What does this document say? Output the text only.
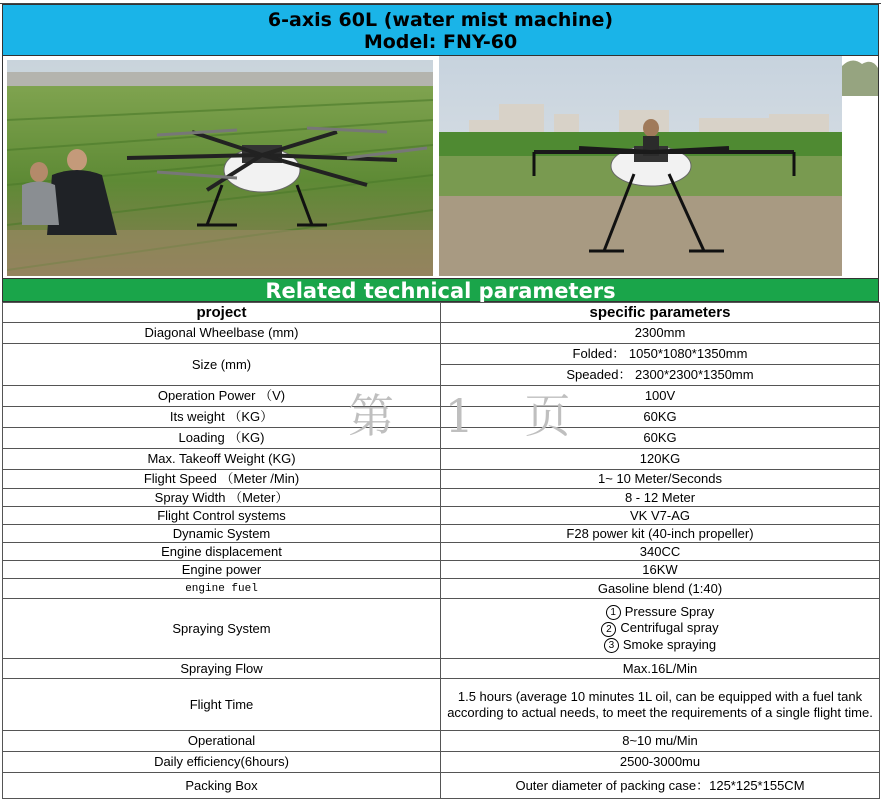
6-axis 60L (water mist machine)
Model: FNY-60
Related technical parameters
project	specific parameters
Diagonal Wheelbase (mm)	2300mm
Size (mm)	Folded： 1050*1080*1350mm
	Speaded： 2300*2300*1350mm
Operation Power （V)	100V
Its weight （KG）	60KG
Loading （KG)	60KG
Max. Takeoff Weight (KG)	120KG
Flight Speed （Meter /Min)	1~ 10 Meter/Seconds
Spray Width （Meter）	8 - 12 Meter
Flight Control systems	VK V7-AG
Dynamic System	F28 power kit (40-inch propeller)
Engine displacement	340CC
Engine power	16KW
engine fuel	Gasoline blend (1:40)
Spraying System	1 Pressure Spray
2 Centrifugal spray
3 Smoke spraying

Spraying Flow	Max.16L/Min
Flight Time	1.5 hours (average 10 minutes 1L oil, can be equipped with a fuel tank according to actual needs, to meet the requirements of a single flight time.
Operational	8~10 mu/Min
Daily efficiency(6hours)	2500-3000mu
Packing Box	Outer diameter of packing case：125*125*155CM
第 1 页
